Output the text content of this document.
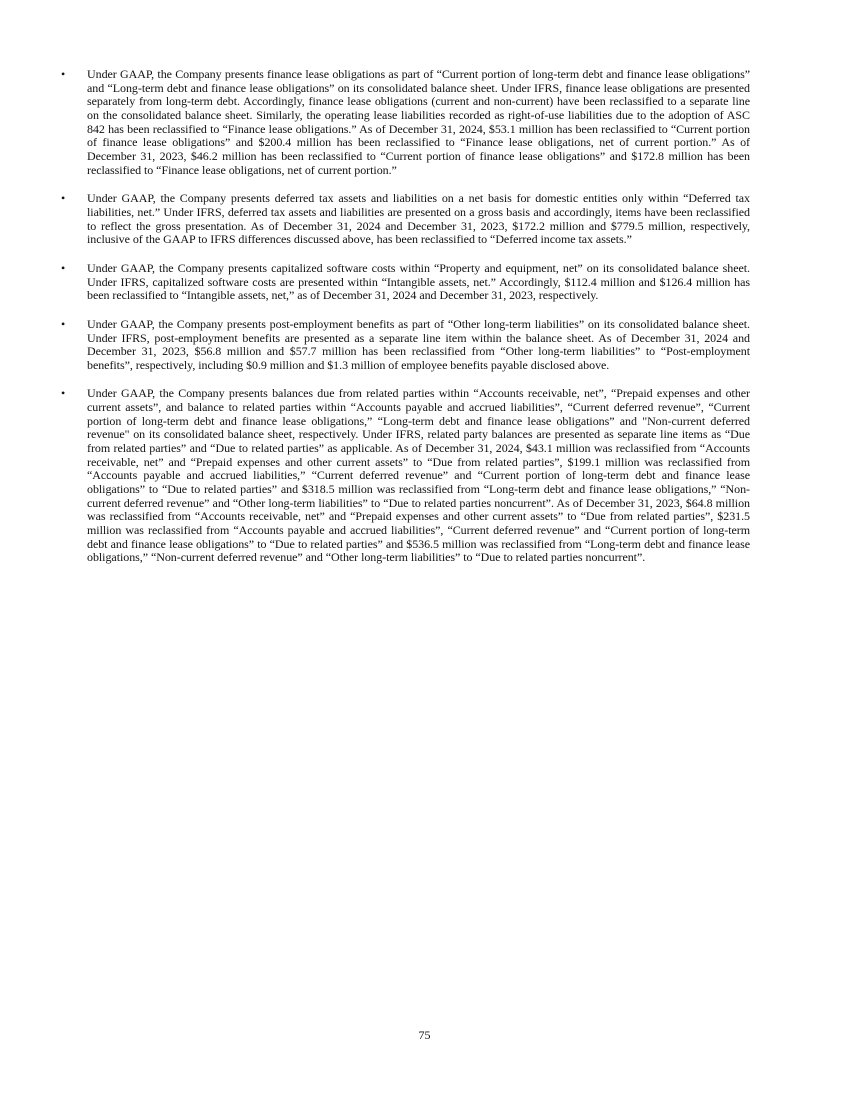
• Under GAAP, the Company presents finance lease obligations as part of “Current portion of long-term debt and finance lease obligations” and “Long-term debt and finance lease obligations” on its consolidated balance sheet. Under IFRS, finance lease obligations are presented separately from long-term debt. Accordingly, finance lease obligations (current and non-current) have been reclassified to a separate line on the consolidated balance sheet. Similarly, the operating lease liabilities recorded as right-of-use liabilities due to the adoption of ASC 842 has been reclassified to “Finance lease obligations.” As of December 31, 2024, $53.1 million has been reclassified to “Current portion of finance lease obligations” and $200.4 million has been reclassified to “Finance lease obligations, net of current portion.” As of December 31, 2023, $46.2 million has been reclassified to “Current portion of finance lease obligations” and $172.8 million has been reclassified to “Finance lease obligations, net of current portion.”

• Under GAAP, the Company presents deferred tax assets and liabilities on a net basis for domestic entities only within “Deferred tax liabilities, net.” Under IFRS, deferred tax assets and liabilities are presented on a gross basis and accordingly, items have been reclassified to reflect the gross presentation. As of December 31, 2024 and December 31, 2023, $172.2 million and $779.5 million, respectively, inclusive of the GAAP to IFRS differences discussed above, has been reclassified to “Deferred income tax assets.”

• Under GAAP, the Company presents capitalized software costs within “Property and equipment, net” on its consolidated balance sheet. Under IFRS, capitalized software costs are presented within “Intangible assets, net.” Accordingly, $112.4 million and $126.4 million has been reclassified to “Intangible assets, net,” as of December 31, 2024 and December 31, 2023, respectively.

• Under GAAP, the Company presents post-employment benefits as part of “Other long-term liabilities” on its consolidated balance sheet. Under IFRS, post-employment benefits are presented as a separate line item within the balance sheet. As of December 31, 2024 and December 31, 2023, $56.8 million and $57.7 million has been reclassified from “Other long-term liabilities” to “Post-employment benefits”, respectively, including $0.9 million and $1.3 million of employee benefits payable disclosed above.

• Under GAAP, the Company presents balances due from related parties within “Accounts receivable, net”, “Prepaid expenses and other current assets”, and balance to related parties within “Accounts payable and accrued liabilities”, “Current deferred revenue”, “Current portion of long-term debt and finance lease obligations,” “Long-term debt and finance lease obligations” and "Non-current deferred revenue" on its consolidated balance sheet, respectively. Under IFRS, related party balances are presented as separate line items as “Due from related parties” and “Due to related parties” as applicable. As of December 31, 2024, $43.1 million was reclassified from “Accounts receivable, net” and “Prepaid expenses and other current assets” to “Due from related parties”, $199.1 million was reclassified from “Accounts payable and accrued liabilities,” “Current deferred revenue” and “Current portion of long-term debt and finance lease obligations” to “Due to related parties” and $318.5 million was reclassified from “Long-term debt and finance lease obligations,” “Non-current deferred revenue” and “Other long-term liabilities” to “Due to related parties noncurrent”. As of December 31, 2023, $64.8 million was reclassified from “Accounts receivable, net” and “Prepaid expenses and other current assets” to “Due from related parties”, $231.5 million was reclassified from “Accounts payable and accrued liabilities”, “Current deferred revenue” and “Current portion of long-term debt and finance lease obligations” to “Due to related parties” and $536.5 million was reclassified from “Long-term debt and finance lease obligations,” “Non-current deferred revenue” and “Other long-term liabilities” to “Due to related parties noncurrent”.

75
